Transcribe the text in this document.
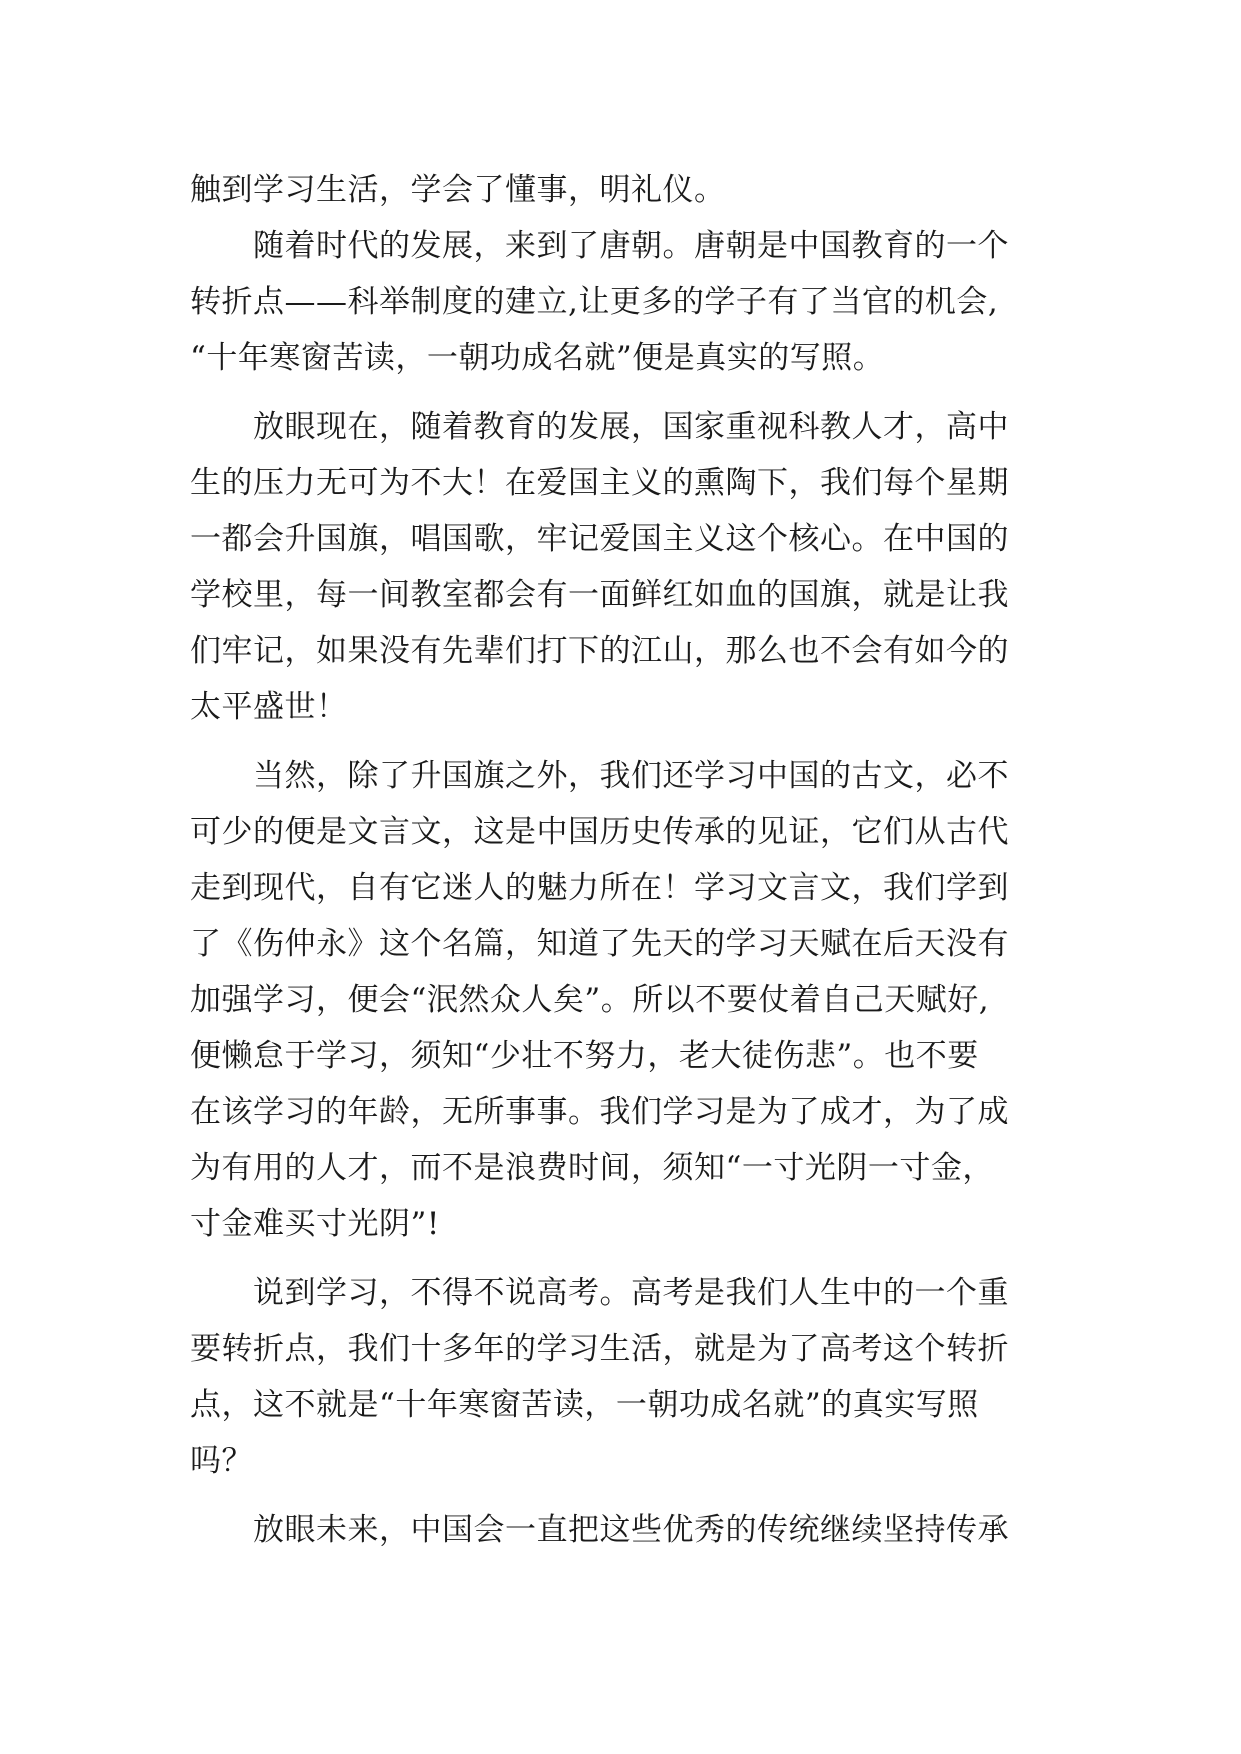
触到学习生活，学会了懂事，明礼仪。
随着时代的发展，来到了唐朝。唐朝是中国教育的一个
转折点——科举制度的建立,让更多的学子有了当官的机会,
“十年寒窗苦读，一朝功成名就”便是真实的写照。
放眼现在，随着教育的发展，国家重视科教人才，高中
生的压力无可为不大！在爱国主义的熏陶下，我们每个星期
一都会升国旗，唱国歌，牢记爱国主义这个核心。在中国的
学校里，每一间教室都会有一面鲜红如血的国旗，就是让我
们牢记，如果没有先辈们打下的江山，那么也不会有如今的
太平盛世！
当然，除了升国旗之外，我们还学习中国的古文，必不
可少的便是文言文，这是中国历史传承的见证，它们从古代
走到现代，自有它迷人的魅力所在！学习文言文，我们学到
了《伤仲永》这个名篇，知道了先天的学习天赋在后天没有
加强学习，便会“泯然众人矣”。所以不要仗着自己天赋好,
便懒怠于学习，须知“少壮不努力，老大徒伤悲”。也不要
在该学习的年龄，无所事事。我们学习是为了成才，为了成
为有用的人才，而不是浪费时间，须知“一寸光阴一寸金，
寸金难买寸光阴”!
说到学习，不得不说高考。高考是我们人生中的一个重
要转折点，我们十多年的学习生活，就是为了高考这个转折
点，这不就是“十年寒窗苦读，一朝功成名就”的真实写照
吗？
放眼未来，中国会一直把这些优秀的传统继续坚持传承
